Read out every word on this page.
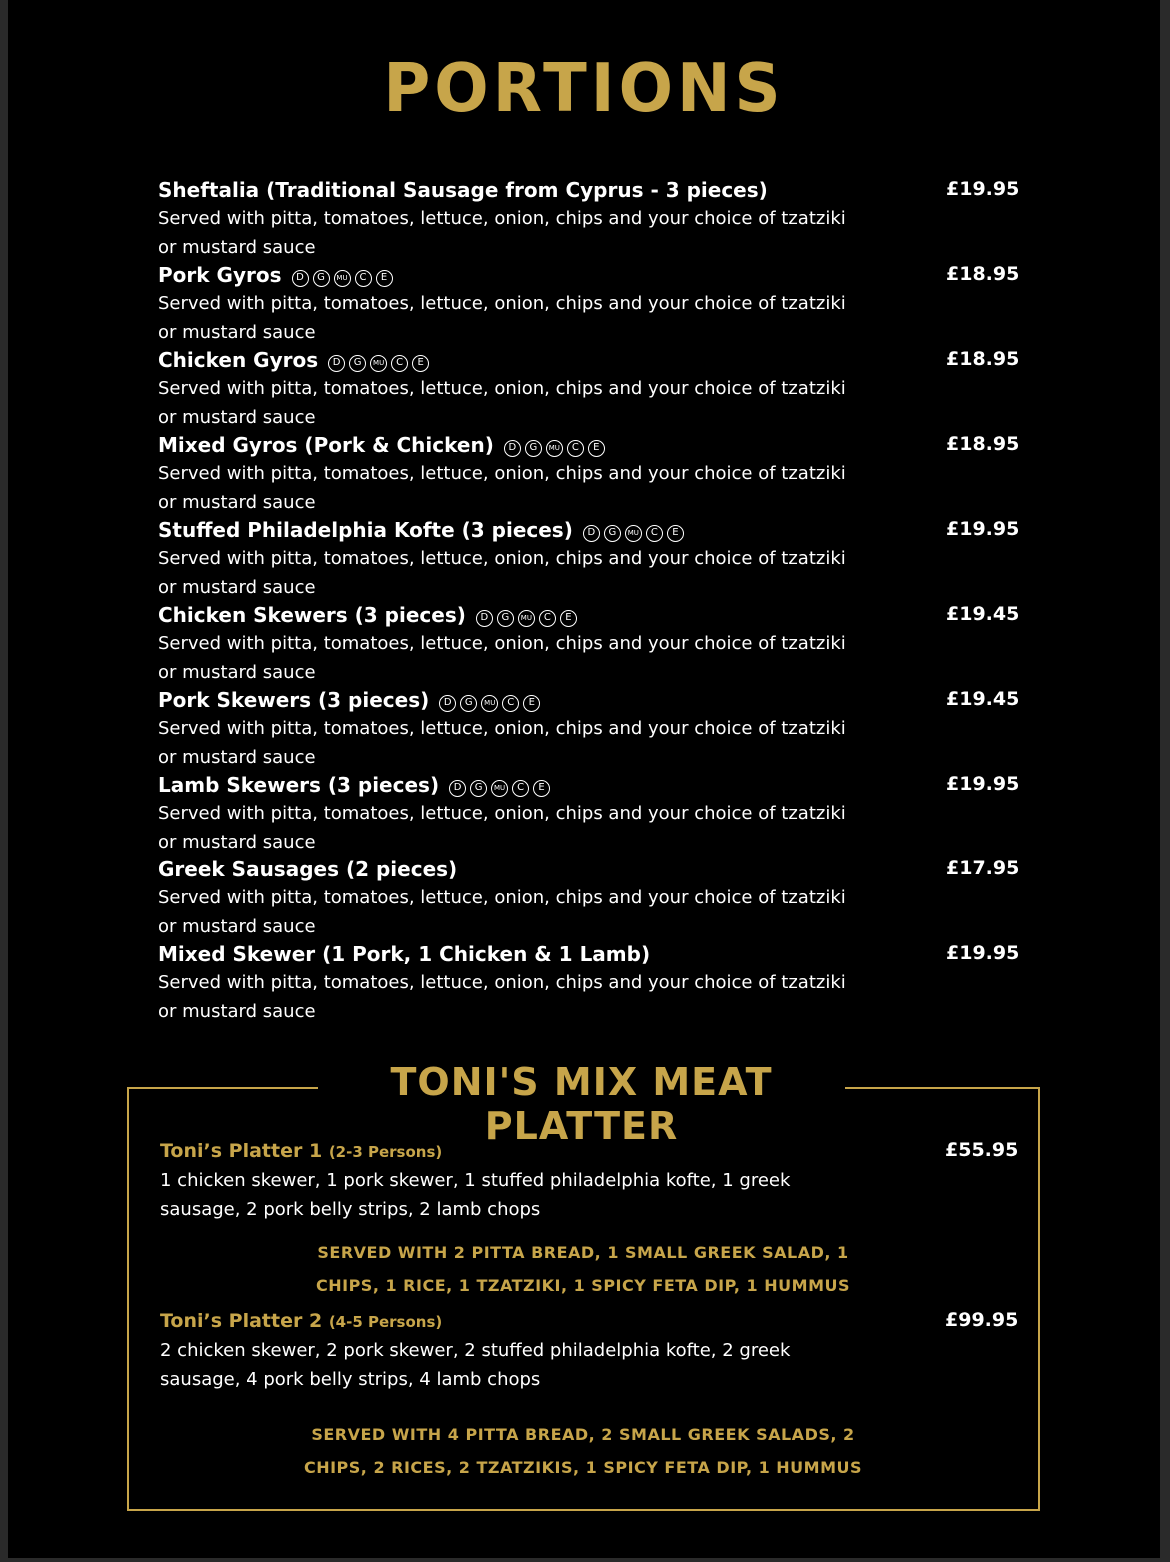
PORTIONS
Sheftalia (Traditional Sausage from Cyprus - 3 pieces)
Served with pitta, tomatoes, lettuce, onion, chips and your choice of tzatziki or mustard sauce
£19.95
Pork Gyros	D	G	MU	C	E
Served with pitta, tomatoes, lettuce, onion, chips and your choice of tzatziki or mustard sauce
£18.95
Chicken Gyros	D	G	MU	C	E
Served with pitta, tomatoes, lettuce, onion, chips and your choice of tzatziki or mustard sauce
£18.95
Mixed Gyros (Pork & Chicken)	D	G	MU	C	E
Served with pitta, tomatoes, lettuce, onion, chips and your choice of tzatziki or mustard sauce
£18.95
Stuffed Philadelphia Kofte (3 pieces)	D	G	MU	C	E
Served with pitta, tomatoes, lettuce, onion, chips and your choice of tzatziki or mustard sauce
£19.95
Chicken Skewers (3 pieces)	D	G	MU	C	E
Served with pitta, tomatoes, lettuce, onion, chips and your choice of tzatziki or mustard sauce
£19.45
Pork Skewers (3 pieces)	D	G	MU	C	E
Served with pitta, tomatoes, lettuce, onion, chips and your choice of tzatziki or mustard sauce
£19.45
Lamb Skewers (3 pieces)	D	G	MU	C	E
Served with pitta, tomatoes, lettuce, onion, chips and your choice of tzatziki or mustard sauce
£19.95
Greek Sausages (2 pieces)
Served with pitta, tomatoes, lettuce, onion, chips and your choice of tzatziki or mustard sauce
£17.95
Mixed Skewer (1 Pork, 1 Chicken & 1 Lamb)
Served with pitta, tomatoes, lettuce, onion, chips and your choice of tzatziki or mustard sauce
£19.95
TONI'S MIX MEAT PLATTER
Toni’s Platter 1 (2-3 Persons)
1 chicken skewer, 1 pork skewer, 1 stuffed philadelphia kofte, 1 greek sausage, 2 pork belly strips, 2 lamb chops
£55.95
SERVED WITH 2 PITTA BREAD, 1 SMALL GREEK SALAD, 1 CHIPS, 1 RICE, 1 TZATZIKI, 1 SPICY FETA DIP, 1 HUMMUS
Toni’s Platter 2 (4-5 Persons)
2 chicken skewer, 2 pork skewer, 2 stuffed philadelphia kofte, 2 greek sausage, 4 pork belly strips, 4 lamb chops
£99.95
SERVED WITH 4 PITTA BREAD, 2 SMALL GREEK SALADS, 2 CHIPS, 2 RICES, 2 TZATZIKIS, 1 SPICY FETA DIP, 1 HUMMUS
